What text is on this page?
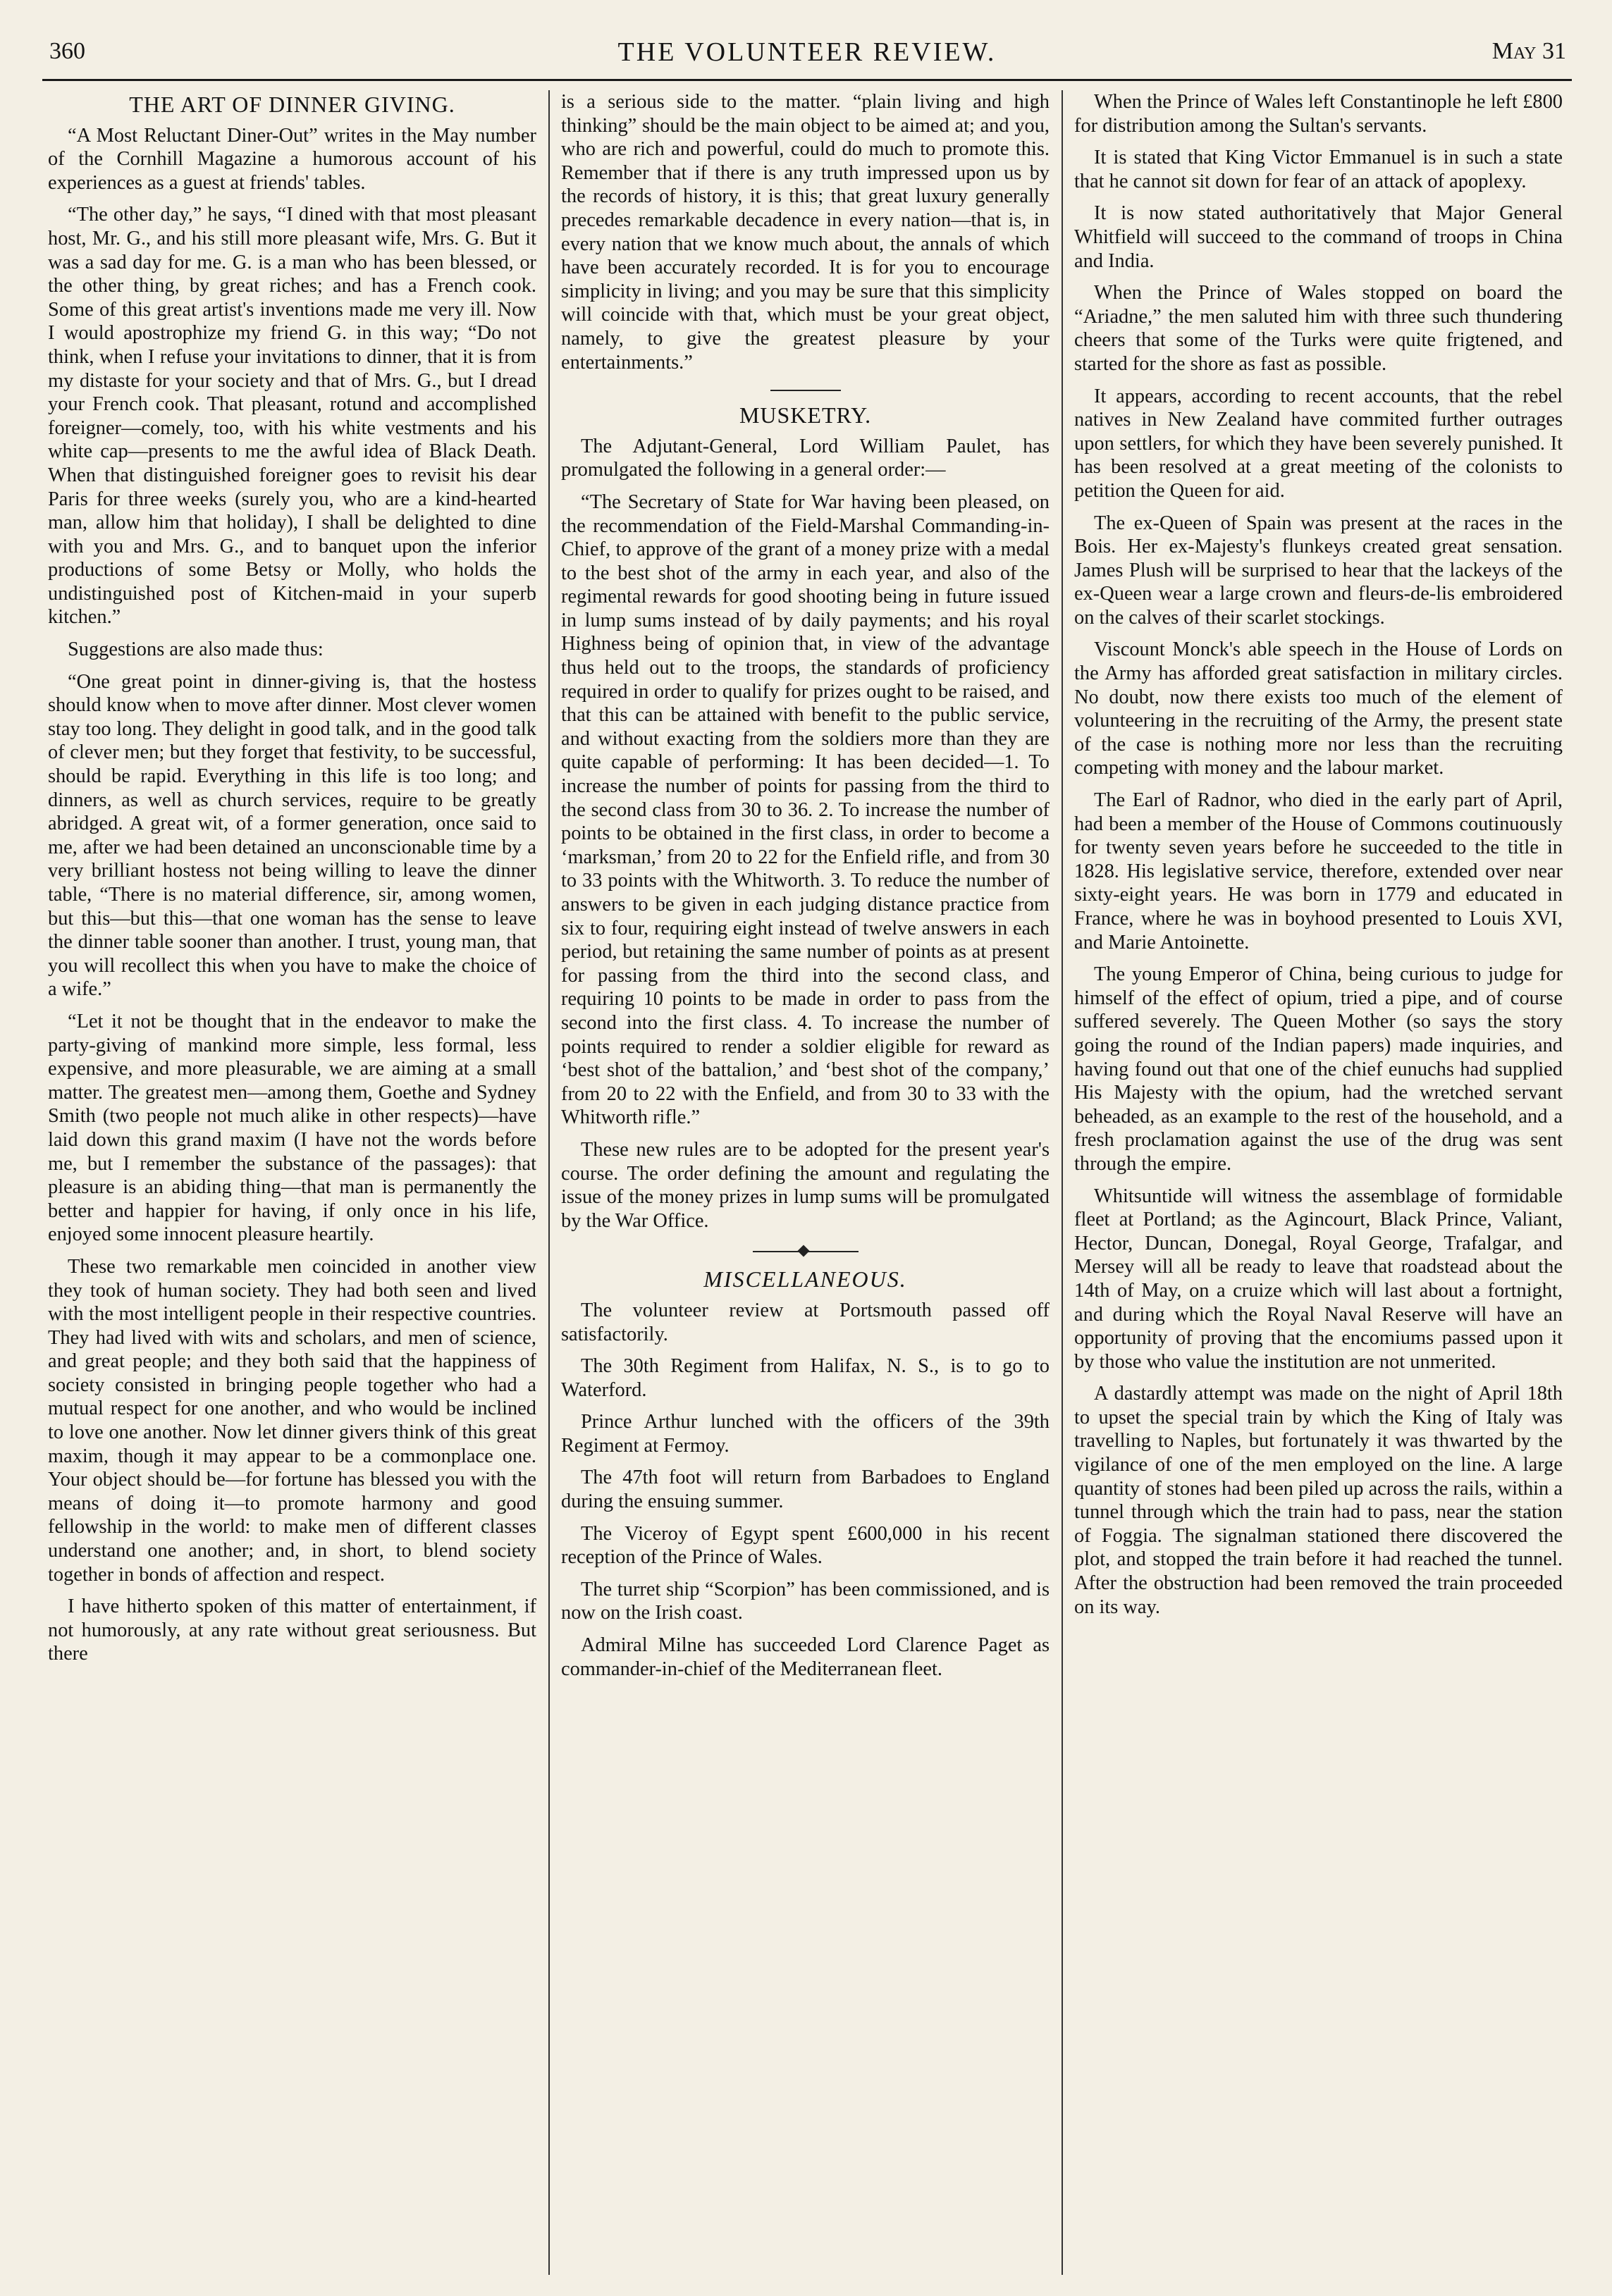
360	THE VOLUNTEER REVIEW.	May 31
THE ART OF DINNER GIVING.

“A Most Reluctant Diner-Out” writes in the May number of the Cornhill Magazine a humorous account of his experiences as a guest at friends' tables.

“The other day,” he says, “I dined with that most pleasant host, Mr. G., and his still more pleasant wife, Mrs. G. But it was a sad day for me. G. is a man who has been blessed, or the other thing, by great riches; and has a French cook. Some of this great artist's inventions made me very ill. Now I would apostrophize my friend G. in this way; “Do not think, when I refuse your invitations to dinner, that it is from my distaste for your society and that of Mrs. G., but I dread your French cook. That pleasant, rotund and accomplished foreigner—comely, too, with his white vestments and his white cap—presents to me the awful idea of Black Death. When that distinguished foreigner goes to revisit his dear Paris for three weeks (surely you, who are a kind-hearted man, allow him that holiday), I shall be delighted to dine with you and Mrs. G., and to banquet upon the inferior productions of some Betsy or Molly, who holds the undistinguished post of Kitchen-maid in your superb kitchen.”

Suggestions are also made thus:

“One great point in dinner-giving is, that the hostess should know when to move after dinner. Most clever women stay too long. They delight in good talk, and in the good talk of clever men; but they forget that festivity, to be successful, should be rapid. Everything in this life is too long; and dinners, as well as church services, require to be greatly abridged. A great wit, of a former generation, once said to me, after we had been detained an unconscionable time by a very brilliant hostess not being willing to leave the dinner table, “There is no material difference, sir, among women, but this—but this—that one woman has the sense to leave the dinner table sooner than another. I trust, young man, that you will recollect this when you have to make the choice of a wife.”

“Let it not be thought that in the endeavor to make the party-giving of mankind more simple, less formal, less expensive, and more pleasurable, we are aiming at a small matter. The greatest men—among them, Goethe and Sydney Smith (two people not much alike in other respects)—have laid down this grand maxim (I have not the words before me, but I remember the substance of the passages): that pleasure is an abiding thing—that man is permanently the better and happier for having, if only once in his life, enjoyed some innocent pleasure heartily.

These two remarkable men coincided in another view they took of human society. They had both seen and lived with the most intelligent people in their respective countries. They had lived with wits and scholars, and men of science, and great people; and they both said that the happiness of society consisted in bringing people together who had a mutual respect for one another, and who would be inclined to love one another. Now let dinner givers think of this great maxim, though it may appear to be a commonplace one. Your object should be—for fortune has blessed you with the means of doing it—to promote harmony and good fellowship in the world: to make men of different classes understand one another; and, in short, to blend society together in bonds of affection and respect.

I have hitherto spoken of this matter of entertainment, if not humorously, at any rate without great seriousness. But there

is a serious side to the matter. “plain living and high thinking” should be the main object to be aimed at; and you, who are rich and powerful, could do much to promote this. Remember that if there is any truth impressed upon us by the records of history, it is this; that great luxury generally precedes remarkable decadence in every nation—that is, in every nation that we know much about, the annals of which have been accurately recorded. It is for you to encourage simplicity in living; and you may be sure that this simplicity will coincide with that, which must be your great object, namely, to give the greatest pleasure by your entertainments.”

MUSKETRY.

The Adjutant-General, Lord William Paulet, has promulgated the following in a general order:—

“The Secretary of State for War having been pleased, on the recommendation of the Field-Marshal Commanding-in-Chief, to approve of the grant of a money prize with a medal to the best shot of the army in each year, and also of the regimental rewards for good shooting being in future issued in lump sums instead of by daily payments; and his royal Highness being of opinion that, in view of the advantage thus held out to the troops, the standards of proficiency required in order to qualify for prizes ought to be raised, and that this can be attained with benefit to the public service, and without exacting from the soldiers more than they are quite capable of performing: It has been decided—1. To increase the number of points for passing from the third to the second class from 30 to 36. 2. To increase the number of points to be obtained in the first class, in order to become a ‘marksman,’ from 20 to 22 for the Enfield rifle, and from 30 to 33 points with the Whitworth. 3. To reduce the number of answers to be given in each judging distance practice from six to four, requiring eight instead of twelve answers in each period, but retaining the same number of points as at present for passing from the third into the second class, and requiring 10 points to be made in order to pass from the second into the first class. 4. To increase the number of points required to render a soldier eligible for reward as ‘best shot of the battalion,’ and ‘best shot of the company,’ from 20 to 22 with the Enfield, and from 30 to 33 with the Whitworth rifle.”

These new rules are to be adopted for the present year's course. The order defining the amount and regulating the issue of the money prizes in lump sums will be promulgated by the War Office.

MISCELLANEOUS.

The volunteer review at Portsmouth passed off satisfactorily.

The 30th Regiment from Halifax, N. S., is to go to Waterford.

Prince Arthur lunched with the officers of the 39th Regiment at Fermoy.

The 47th foot will return from Barbadoes to England during the ensuing summer.

The Viceroy of Egypt spent £600,000 in his recent reception of the Prince of Wales.

The turret ship “Scorpion” has been commissioned, and is now on the Irish coast.

Admiral Milne has succeeded Lord Clarence Paget as commander-in-chief of the Mediterranean fleet.

When the Prince of Wales left Constantinople he left £800 for distribution among the Sultan's servants.

It is stated that King Victor Emmanuel is in such a state that he cannot sit down for fear of an attack of apoplexy.

It is now stated authoritatively that Major General Whitfield will succeed to the command of troops in China and India.

When the Prince of Wales stopped on board the “Ariadne,” the men saluted him with three such thundering cheers that some of the Turks were quite frigtened, and started for the shore as fast as possible.

It appears, according to recent accounts, that the rebel natives in New Zealand have commited further outrages upon settlers, for which they have been severely punished. It has been resolved at a great meeting of the colonists to petition the Queen for aid.

The ex-Queen of Spain was present at the races in the Bois. Her ex-Majesty's flunkeys created great sensation. James Plush will be surprised to hear that the lackeys of the ex-Queen wear a large crown and fleurs-de-lis embroidered on the calves of their scarlet stockings.

Viscount Monck's able speech in the House of Lords on the Army has afforded great satisfaction in military circles. No doubt, now there exists too much of the element of volunteering in the recruiting of the Army, the present state of the case is nothing more nor less than the recruiting competing with money and the labour market.

The Earl of Radnor, who died in the early part of April, had been a member of the House of Commons coutinuously for twenty seven years before he succeeded to the title in 1828. His legislative service, therefore, extended over near sixty-eight years. He was born in 1779 and educated in France, where he was in boyhood presented to Louis XVI, and Marie Antoinette.

The young Emperor of China, being curious to judge for himself of the effect of opium, tried a pipe, and of course suffered severely. The Queen Mother (so says the story going the round of the Indian papers) made inquiries, and having found out that one of the chief eunuchs had supplied His Majesty with the opium, had the wretched servant beheaded, as an example to the rest of the household, and a fresh proclamation against the use of the drug was sent through the empire.

Whitsuntide will witness the assemblage of formidable fleet at Portland; as the Agincourt, Black Prince, Valiant, Hector, Duncan, Donegal, Royal George, Trafalgar, and Mersey will all be ready to leave that roadstead about the 14th of May, on a cruize which will last about a fortnight, and during which the Royal Naval Reserve will have an opportunity of proving that the encomiums passed upon it by those who value the institution are not unmerited.

A dastardly attempt was made on the night of April 18th to upset the special train by which the King of Italy was travelling to Naples, but fortunately it was thwarted by the vigilance of one of the men employed on the line. A large quantity of stones had been piled up across the rails, within a tunnel through which the train had to pass, near the station of Foggia. The signalman stationed there discovered the plot, and stopped the train before it had reached the tunnel. After the obstruction had been removed the train proceeded on its way.
